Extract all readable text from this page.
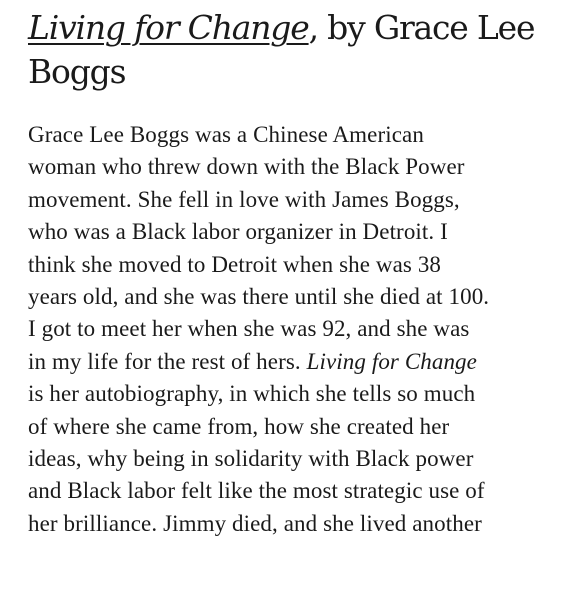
Living for Change, by Grace Lee Boggs

Grace Lee Boggs was a Chinese American
woman who threw down with the Black Power
movement. She fell in love with James Boggs,
who was a Black labor organizer in Detroit. I
think she moved to Detroit when she was 38
years old, and she was there until she died at 100.
I got to meet her when she was 92, and she was
in my life for the rest of hers. Living for Change
is her autobiography, in which she tells so much
of where she came from, how she created her
ideas, why being in solidarity with Black power
and Black labor felt like the most strategic use of
her brilliance. Jimmy died, and she lived another
